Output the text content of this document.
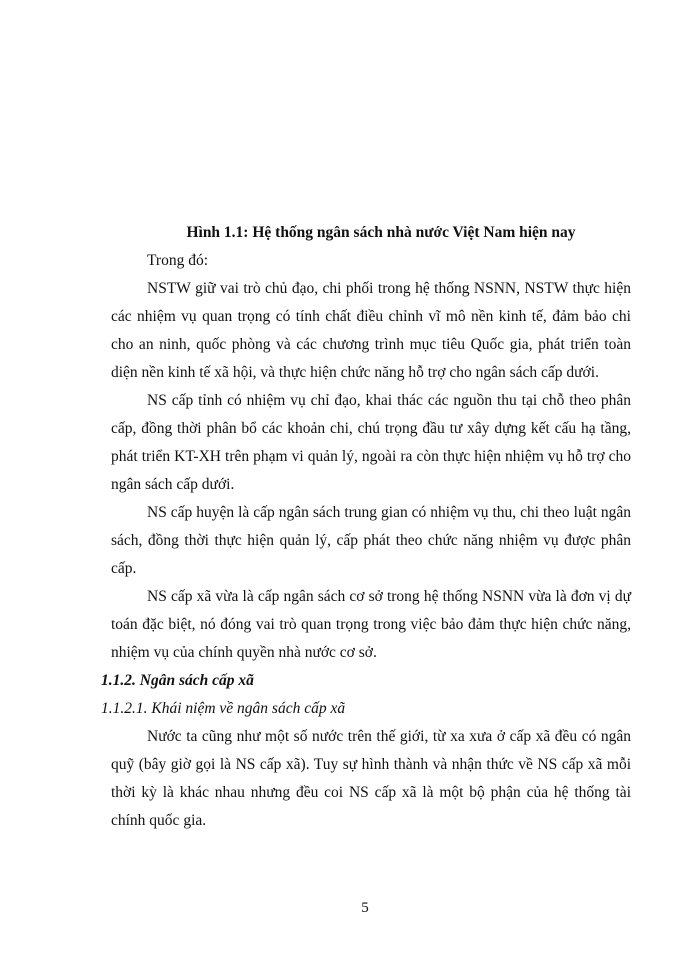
Hình 1.1: Hệ thống ngân sách nhà nước Việt Nam hiện nay

Trong đó:

NSTW giữ vai trò chủ đạo, chi phối trong hệ thống NSNN, NSTW thực hiện các nhiệm vụ quan trọng có tính chất điều chỉnh vĩ mô nền kinh tế, đảm bảo chi cho an ninh, quốc phòng và các chương trình mục tiêu Quốc gia, phát triển toàn diện nền kinh tế xã hội, và thực hiện chức năng hỗ trợ cho ngân sách cấp dưới.

NS cấp tỉnh có nhiệm vụ chỉ đạo, khai thác các nguồn thu tại chỗ theo phân cấp, đồng thời phân bổ các khoản chi, chú trọng đầu tư xây dựng kết cấu hạ tầng, phát triển KT-XH trên phạm vi quản lý, ngoài ra còn thực hiện nhiệm vụ hỗ trợ cho ngân sách cấp dưới.

NS cấp huyện là cấp ngân sách trung gian có nhiệm vụ thu, chi theo luật ngân sách, đồng thời thực hiện quản lý, cấp phát theo chức năng nhiệm vụ được phân cấp.

NS cấp xã vừa là cấp ngân sách cơ sở trong hệ thống NSNN vừa là đơn vị dự toán đặc biệt, nó đóng vai trò quan trọng trong việc bảo đảm thực hiện chức năng, nhiệm vụ của chính quyền nhà nước cơ sở.

1.1.2. Ngân sách cấp xã

1.1.2.1. Khái niệm về ngân sách cấp xã

Nước ta cũng như một số nước trên thế giới, từ xa xưa ở cấp xã đều có ngân quỹ (bây giờ gọi là NS cấp xã). Tuy sự hình thành và nhận thức về NS cấp xã mỗi thời kỳ là khác nhau nhưng đều coi NS cấp xã là một bộ phận của hệ thống tài chính quốc gia.

5
